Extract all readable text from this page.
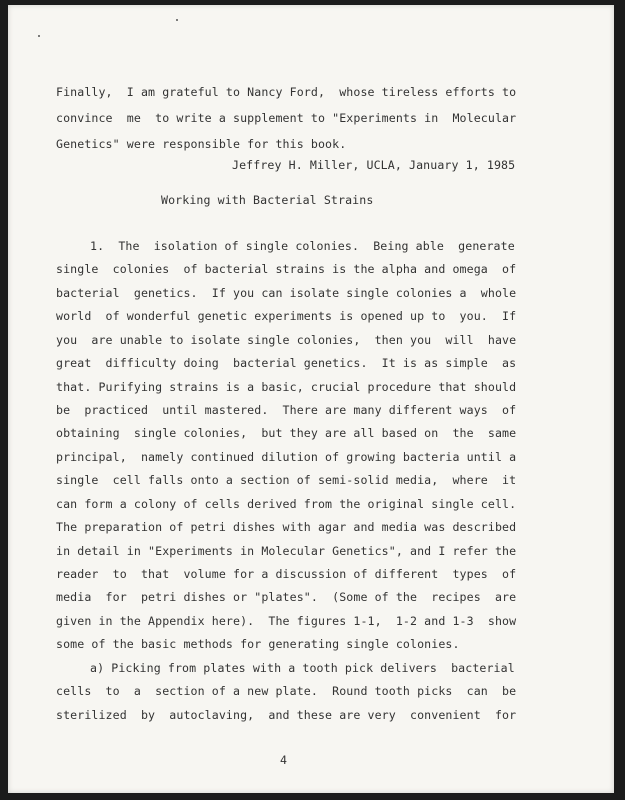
Finally,  I am grateful to Nancy Ford,  whose tireless efforts to

convince  me  to write a supplement to "Experiments in  Molecular

Genetics" were responsible for this book.

Jeffrey H. Miller, UCLA, January 1, 1985

Working with Bacterial Strains

1.  The  isolation of single colonies.  Being able  generate

single  colonies  of bacterial strains is the alpha and omega  of

bacterial  genetics.  If you can isolate single colonies a  whole

world  of wonderful genetic experiments is opened up to  you.  If

you  are unable to isolate single colonies,  then you  will  have

great  difficulty doing  bacterial genetics.  It is as simple  as

that. Purifying strains is a basic, crucial procedure that should

be  practiced  until mastered.  There are many different ways  of

obtaining  single colonies,  but they are all based on  the  same

principal,  namely continued dilution of growing bacteria until a

single  cell falls onto a section of semi-solid media,  where  it

can form a colony of cells derived from the original single cell.

The preparation of petri dishes with agar and media was described

in detail in "Experiments in Molecular Genetics", and I refer the

reader  to  that  volume for a discussion of different  types  of

media  for  petri dishes or "plates".  (Some of the  recipes  are

given in the Appendix here).  The figures 1-1,  1-2 and 1-3  show

some of the basic methods for generating single colonies.

a) Picking from plates with a tooth pick delivers  bacterial

cells  to  a  section of a new plate.  Round tooth picks  can  be

sterilized  by  autoclaving,  and these are very  convenient  for

4
